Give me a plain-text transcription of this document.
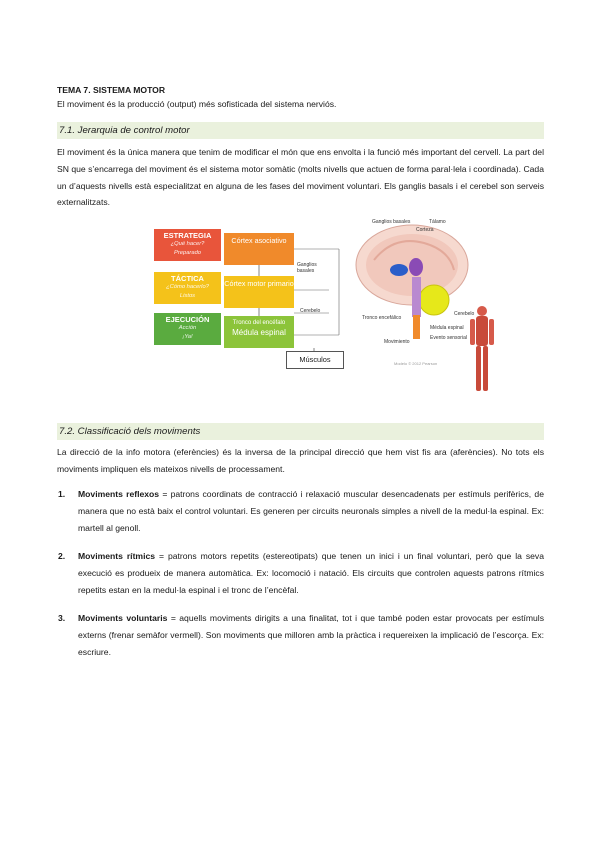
TEMA 7. SISTEMA MOTOR
El moviment és la producció (output) més sofisticada del sistema nerviós.
7.1. Jerarquia de control motor
El moviment és la única manera que tenim de modificar el món que ens envolta i la funció més important del cervell. La part del SN que s’encarrega del moviment és el sistema motor somàtic (molts nivells que actuen de forma paral·lela i coordinada). Cada un d’aquests nivells està especialitzat en alguna de les fases del moviment voluntari. Els ganglis basals i el cerebel son serveis externalitzats.
ESTRATEGIA
¿Qué hacer?
Preparado
Córtex asociativo
TÁCTICA
¿Cómo hacerlo?
Listos
Córtex motor primario
EJECUCIÓN
Acción
¡Ya!
Tronco del encéfalo
Médula espinal
Ganglios basales
Cerebelo
Músculos
Ganglios basales	Tálamo
Corteza
Cerebelo
Tronco encefálico
Médula espinal
Movimiento
Evento sensorial
Modelo © 2012 Pearson
7.2. Classificació dels moviments
La direcció de la info motora (eferències) és la inversa de la principal direcció que hem vist fis ara (aferències). No tots els moviments impliquen els mateixos nivells de processament.
1. Moviments reflexos = patrons coordinats de contracció i relaxació muscular desencadenats per estímuls perifèrics, de manera que no està baix el control voluntari. Es generen per circuits neuronals simples a nivell de la medul·la espinal. Ex: martell al genoll.
2. Moviments rítmics = patrons motors repetits (estereotipats) que tenen un inici i un final voluntari, però que la seva execució es produeix de manera automàtica. Ex: locomoció i natació. Els circuits que controlen aquests patrons rítmics repetits estan en la medul·la espinal i el tronc de l’encèfal.
3. Moviments voluntaris = aquells moviments dirigits a una finalitat, tot i que també poden estar provocats per estímuls externs (frenar semàfor vermell). Son moviments que milloren amb la pràctica i requereixen la implicació de l’escorça. Ex: escriure.
